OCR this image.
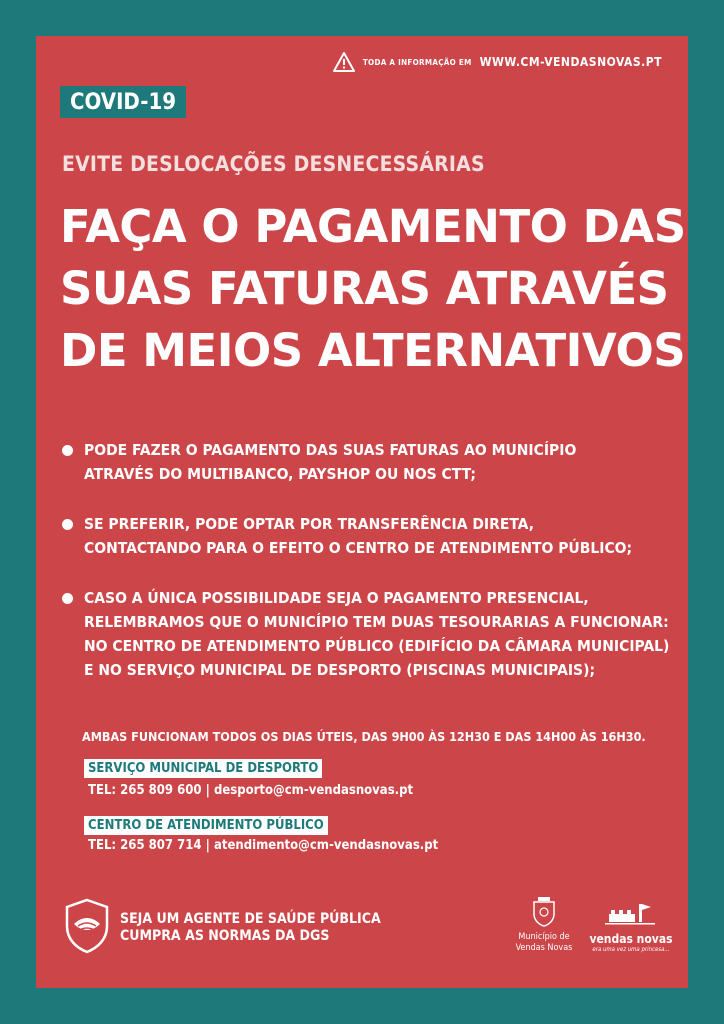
TODA A INFORMAÇÃO EM WWW.CM-VENDASNOVAS.PT
COVID-19
EVITE DESLOCAÇÕES DESNECESSÁRIAS
FAÇA O PAGAMENTO DAS
SUAS FATURAS ATRAVÉS
DE MEIOS ALTERNATIVOS
PODE FAZER O PAGAMENTO DAS SUAS FATURAS AO MUNICÍPIO
ATRAVÉS DO MULTIBANCO, PAYSHOP OU NOS CTT;
SE PREFERIR, PODE OPTAR POR TRANSFERÊNCIA DIRETA,
CONTACTANDO PARA O EFEITO O CENTRO DE ATENDIMENTO PÚBLICO;
CASO A ÚNICA POSSIBILIDADE SEJA O PAGAMENTO PRESENCIAL,
RELEMBRAMOS QUE O MUNICÍPIO TEM DUAS TESOURARIAS A FUNCIONAR:
NO CENTRO DE ATENDIMENTO PÚBLICO (EDIFÍCIO DA CÂMARA MUNICIPAL)
E NO SERVIÇO MUNICIPAL DE DESPORTO (PISCINAS MUNICIPAIS);
AMBAS FUNCIONAM TODOS OS DIAS ÚTEIS, DAS 9H00 ÀS 12H30 E DAS 14H00 ÀS 16H30.
SERVIÇO MUNICIPAL DE DESPORTO
TEL: 265 809 600 | desporto@cm-vendasnovas.pt
CENTRO DE ATENDIMENTO PÚBLICO
TEL: 265 807 714 | atendimento@cm-vendasnovas.pt
SEJA UM AGENTE DE SAÚDE PÚBLICA
CUMPRA AS NORMAS DA DGS	Município de
Vendas Novas
vendas novas
era uma vez uma princesa...
